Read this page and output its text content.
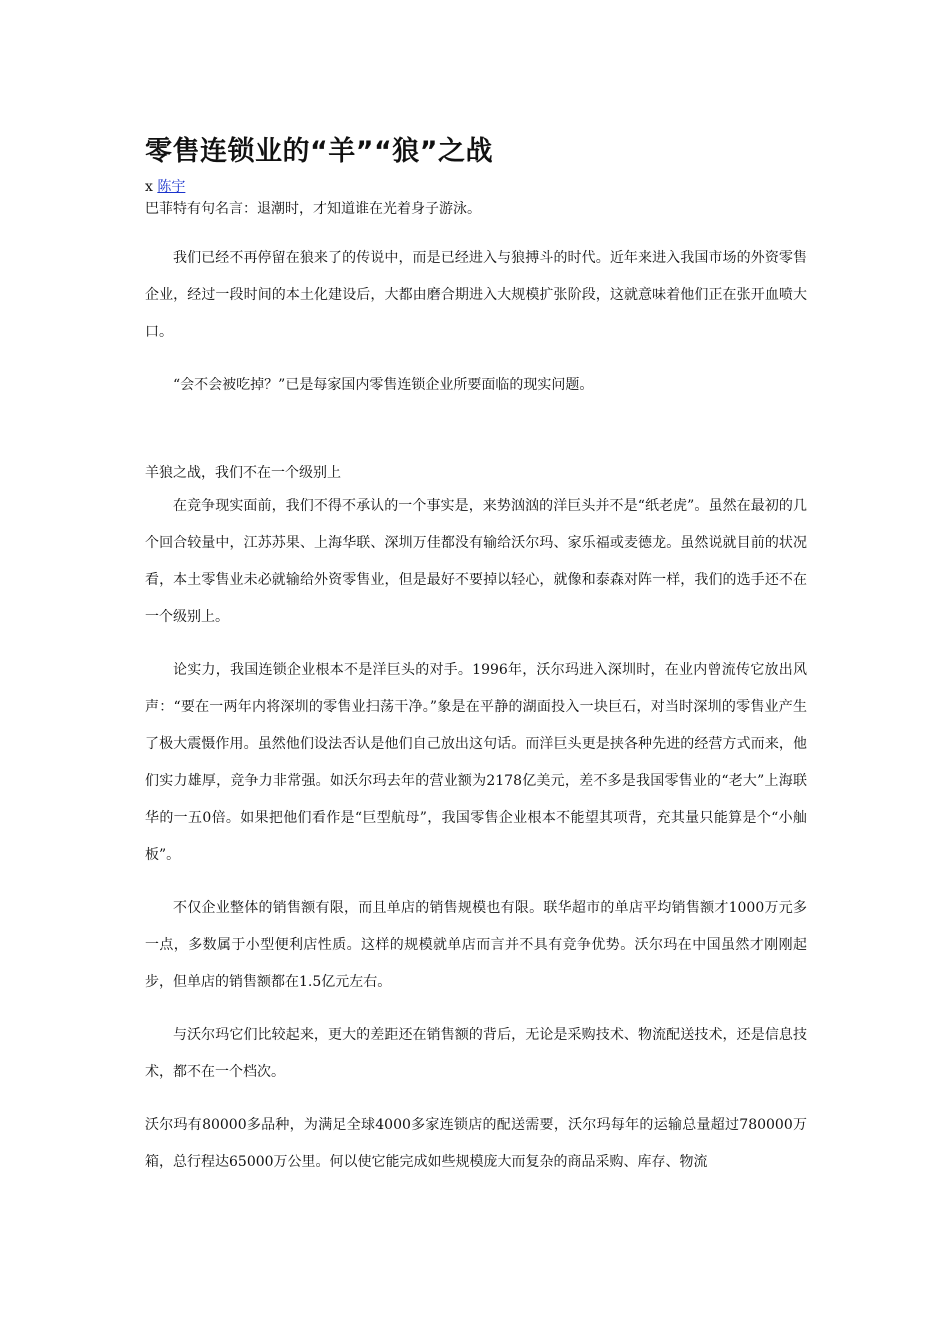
零售连锁业的“羊”“狼”之战
x 陈宇
巴菲特有句名言：退潮时，才知道谁在光着身子游泳。

我们已经不再停留在狼来了的传说中，而是已经进入与狼搏斗的时代。近年来进入我国市场的外资零售企业，经过一段时间的本土化建设后，大都由磨合期进入大规模扩张阶段，这就意味着他们正在张开血喷大口。

“会不会被吃掉？”已是每家国内零售连锁企业所要面临的现实问题。

羊狼之战，我们不在一个级别上

在竞争现实面前，我们不得不承认的一个事实是，来势汹汹的洋巨头并不是“纸老虎”。虽然在最初的几个回合较量中，江苏苏果、上海华联、深圳万佳都没有输给沃尔玛、家乐福或麦德龙。虽然说就目前的状况看，本土零售业未必就输给外资零售业，但是最好不要掉以轻心，就像和泰森对阵一样，我们的选手还不在一个级别上。

论实力，我国连锁企业根本不是洋巨头的对手。1996年，沃尔玛进入深圳时，在业内曾流传它放出风声：“要在一两年内将深圳的零售业扫荡干净。”象是在平静的湖面投入一块巨石，对当时深圳的零售业产生了极大震慑作用。虽然他们设法否认是他们自己放出这句话。而洋巨头更是挟各种先进的经营方式而来，他们实力雄厚，竞争力非常强。如沃尔玛去年的营业额为2178亿美元，差不多是我国零售业的“老大”上海联华的一五0倍。如果把他们看作是“巨型航母”，我国零售企业根本不能望其项背，充其量只能算是个“小舢板”。

不仅企业整体的销售额有限，而且单店的销售规模也有限。联华超市的单店平均销售额才1000万元多一点，多数属于小型便利店性质。这样的规模就单店而言并不具有竞争优势。沃尔玛在中国虽然才刚刚起步，但单店的销售额都在1.5亿元左右。

与沃尔玛它们比较起来，更大的差距还在销售额的背后，无论是采购技术、物流配送技术，还是信息技术，都不在一个档次。

沃尔玛有80000多品种，为满足全球4000多家连锁店的配送需要，沃尔玛每年的运输总量超过780000万箱，总行程达65000万公里。何以使它能完成如些规模庞大而复杂的商品采购、库存、物流
